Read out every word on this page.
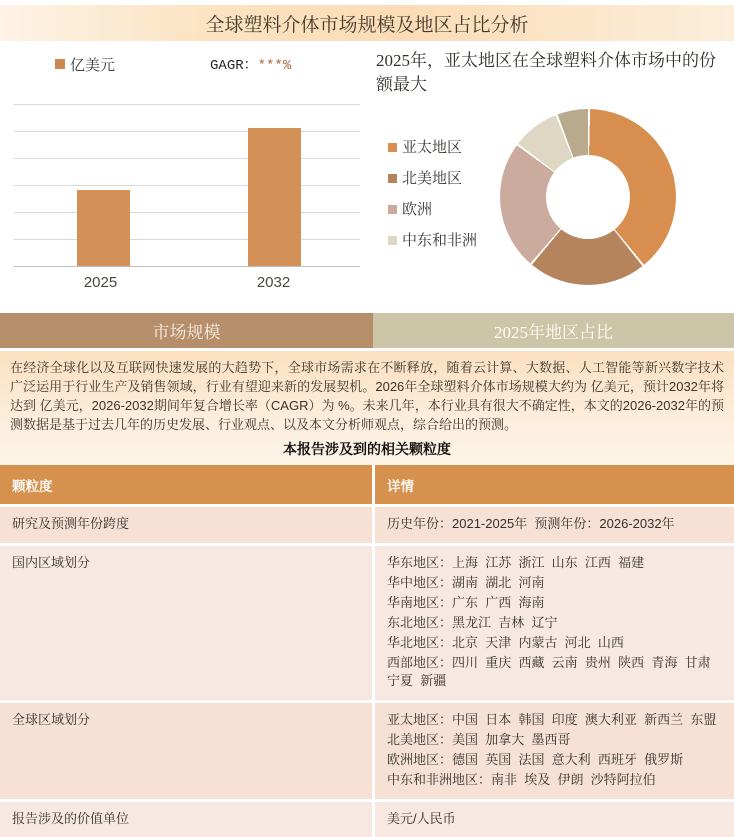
全球塑料介体市场规模及地区占比分析
亿美元	GAGR：***%
2025	2032
2025年，亚太地区在全球塑料介体市场中的份额最大
亚太地区
北美地区
欧洲
中东和非洲
市场规模	2025年地区占比

在经济全球化以及互联网快速发展的大趋势下，全球市场需求在不断释放，随着云计算、大数据、人工智能等新兴数字技术广泛运用于行业生产及销售领域，行业有望迎来新的发展契机。2026年全球塑料介体市场规模大约为 亿美元，预计2032年将达到 亿美元，2026-2032期间年复合增长率（CAGR）为 %。未来几年，本行业具有很大不确定性，本文的2026-2032年的预测数据是基于过去几年的历史发展、行业观点、以及本文分析师观点，综合给出的预测。

本报告涉及到的相关颗粒度
颗粒度	详情
研究及预测年份跨度	历史年份：2021-2025年  预测年份：2026-2032年
国内区域划分	华东地区：上海  江苏  浙江  山东  江西  福建
华中地区：湖南  湖北  河南
华南地区：广东  广西  海南
东北地区：黑龙江  吉林  辽宁
华北地区：北京  天津  内蒙古  河北  山西
西部地区：四川  重庆  西藏  云南  贵州  陕西  青海  甘肃  宁夏  新疆
全球区域划分	亚太地区：中国  日本  韩国  印度  澳大利亚  新西兰  东盟
北美地区：美国  加拿大  墨西哥
欧洲地区：德国  英国  法国  意大利  西班牙  俄罗斯
中东和非洲地区：南非  埃及  伊朗  沙特阿拉伯
报告涉及的价值单位	美元/人民币
